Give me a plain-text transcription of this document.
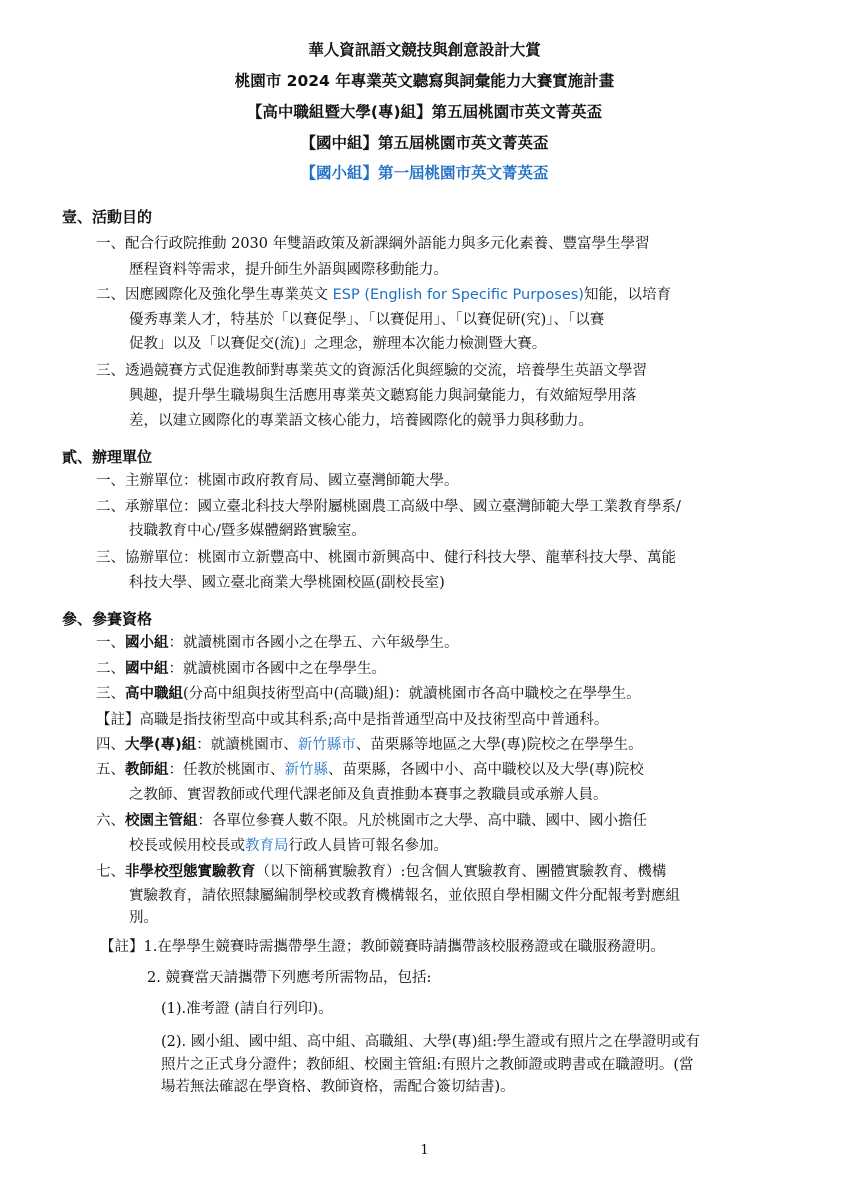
華人資訊語文競技與創意設計大賞
桃園市 2024 年專業英文聽寫與詞彙能力大賽實施計畫
【高中職組暨大學(專)組】第五屆桃園市英文菁英盃
【國中組】第五屆桃園市英文菁英盃
【國小組】第一屆桃園市英文菁英盃
壹、活動目的
一、配合行政院推動 2030 年雙語政策及新課綱外語能力與多元化素養、豐富學生學習
歷程資料等需求，提升師生外語與國際移動能力。
二、因應國際化及強化學生專業英文 ESP (English for Specific Purposes)知能，以培育
優秀專業人才，特基於「以賽促學」、「以賽促用」、「以賽促研(究)」、「以賽
促教」以及「以賽促交(流)」之理念，辦理本次能力檢測暨大賽。
三、透過競賽方式促進教師對專業英文的資源活化與經驗的交流，培養學生英語文學習
興趣，提升學生職場與生活應用專業英文聽寫能力與詞彙能力，有效縮短學用落
差，以建立國際化的專業語文核心能力，培養國際化的競爭力與移動力。
貳、辦理單位
一、主辦單位：桃園市政府教育局、國立臺灣師範大學。
二、承辦單位：國立臺北科技大學附屬桃園農工高級中學、國立臺灣師範大學工業教育學系/
技職教育中心/暨多媒體網路實驗室。
三、協辦單位：桃園市立新豐高中、桃園市新興高中、健行科技大學、龍華科技大學、萬能
科技大學、國立臺北商業大學桃園校區(副校長室)
參、參賽資格
一、國小組：就讀桃園市各國小之在學五、六年級學生。
二、國中組：就讀桃園市各國中之在學學生。
三、高中職組(分高中組與技術型高中(高職)組)：就讀桃園市各高中職校之在學學生。
【註】高職是指技術型高中或其科系;高中是指普通型高中及技術型高中普通科。
四、大學(專)組：就讀桃園市、新竹縣市、苗栗縣等地區之大學(專)院校之在學學生。
五、教師組：任教於桃園市、新竹縣、苗栗縣，各國中小、高中職校以及大學(專)院校
之教師、實習教師或代理代課老師及負責推動本賽事之教職員或承辦人員。
六、校園主管組：各單位參賽人數不限。凡於桃園市之大學、高中職、國中、國小擔任
校長或候用校長或教育局行政人員皆可報名參加。
七、非學校型態實驗教育（以下簡稱實驗教育）:包含個人實驗教育、團體實驗教育、機構
實驗教育，請依照隸屬編制學校或教育機構報名，並依照自學相關文件分配報考對應組
別。
【註】1.在學學生競賽時需攜帶學生證；教師競賽時請攜帶該校服務證或在職服務證明。
2. 競賽當天請攜帶下列應考所需物品，包括:
(1).准考證 (請自行列印)。
(2). 國小組、國中組、高中組、高職組、大學(專)組:學生證或有照片之在學證明或有
照片之正式身分證件；教師組、校園主管組:有照片之教師證或聘書或在職證明。(當
場若無法確認在學資格、教師資格，需配合簽切結書)。
1
